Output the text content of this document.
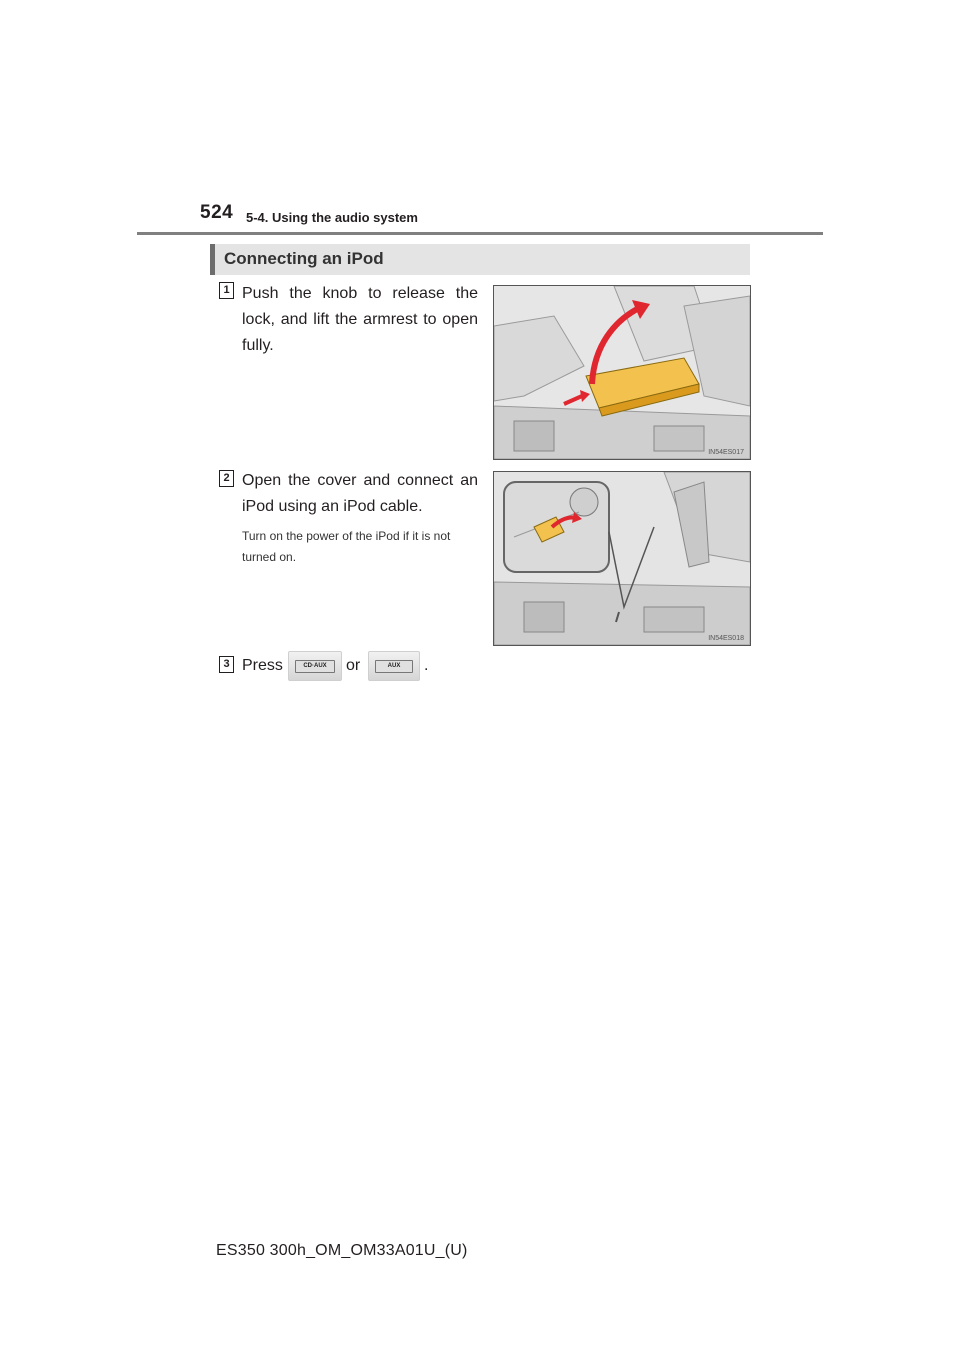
524 5-4. Using the audio system
Connecting an iPod
1 Push the knob to release the lock, and lift the armrest to open fully.
IN54ES017
2 Open the cover and connect an iPod using an iPod cable.
Turn on the power of the iPod if it is not turned on.
IN54ES018
3 Press	CD·AUX	or	AUX	.
ES350 300h_OM_OM33A01U_(U)
